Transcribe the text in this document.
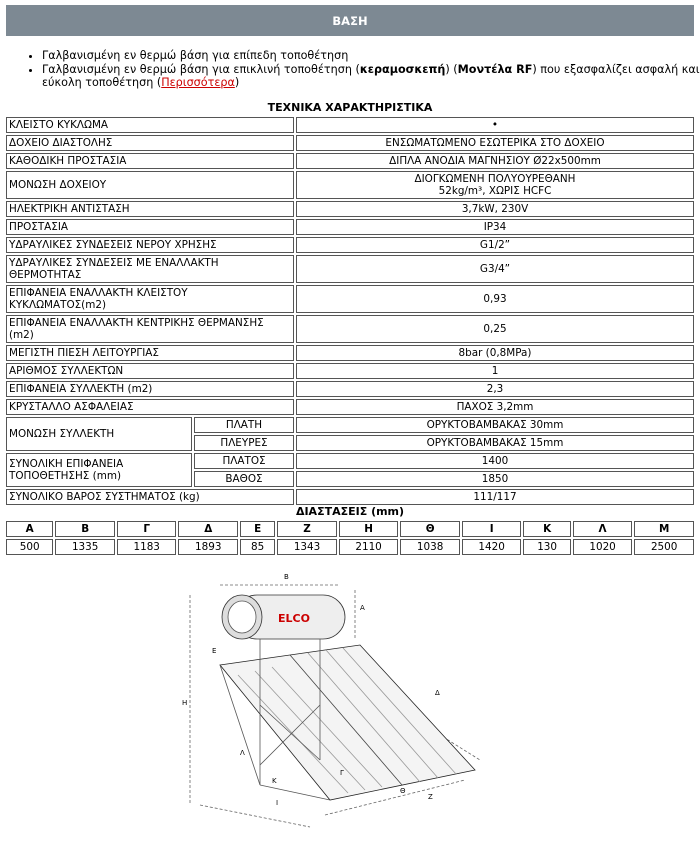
ΒΑΣΗ
• Γαλβανισμένη εν θερμώ βάση για επίπεδη τοποθέτηση
• Γαλβανισμένη εν θερμώ βάση για επικλινή τοποθέτηση (κεραμοσκεπή) (Μοντέλα RF) που εξασφαλίζει ασφαλή και εύκολη τοποθέτηση (Περισσότερα)
ΤΕΧΝΙΚΑ ΧΑΡΑΚΤΗΡΙΣΤΙΚΑ
ΚΛΕΙΣΤΟ ΚΥΚΛΩΜΑ		•
ΔΟΧΕΙΟ ΔΙΑΣΤΟΛΗΣ		ΕΝΣΩΜΑΤΩΜΕΝΟ ΕΣΩΤΕΡΙΚΑ ΣΤΟ ΔΟΧΕΙΟ
ΚΑΘΟΔΙΚΗ ΠΡΟΣΤΑΣΙΑ		ΔΙΠΛΑ ΑΝΟΔΙΑ ΜΑΓΝΗΣΙΟΥ Ø22x500mm
ΜΟΝΩΣΗ ΔΟΧΕΙΟΥ		ΔΙΟΓΚΩΜΕΝΗ ΠΟΛΥΟΥΡΕΘΑΝΗ
52kg/m³, ΧΩΡΙΣ HCFC

ΗΛΕΚΤΡΙΚΗ ΑΝΤΙΣΤΑΣΗ		3,7kW, 230V
ΠΡΟΣΤΑΣΙΑ		IP34
ΥΔΡΑΥΛΙΚΕΣ ΣΥΝΔΕΣΕΙΣ ΝΕΡΟΥ ΧΡΗΣΗΣ		G1/2”

ΥΔΡΑΥΛΙΚΕΣ ΣΥΝΔΕΣΕΙΣ ΜΕ ΕΝΑΛΛΑΚΤΗ
ΘΕΡΜΟΤΗΤΑΣ		G3/4”

ΕΠΙΦΑΝΕΙΑ ΕΝΑΛΛΑΚΤΗ ΚΛΕΙΣΤΟΥ
ΚΥΚΛΩΜΑΤΟΣ(m2)		0,93

ΕΠΙΦΑΝΕΙΑ ΕΝΑΛΛΑΚΤΗ ΚΕΝΤΡΙΚΗΣ ΘΕΡΜΑΝΣΗΣ
(m2)		0,25
ΜΕΓΙΣΤΗ ΠΙΕΣΗ ΛΕΙΤΟΥΡΓΙΑΣ		8bar (0,8MPa)
ΑΡΙΘΜΟΣ ΣΥΛΛΕΚΤΩΝ		1
ΕΠΙΦΑΝΕΙΑ ΣΥΛΛΕΚΤΗ (m2)		2,3
ΚΡΥΣΤΑΛΛΟ ΑΣΦΑΛΕΙΑΣ		ΠΑΧΟΣ 3,2mm
ΜΟΝΩΣΗ ΣΥΛΛΕΚΤΗ	ΠΛΑΤΗ	ΟΡΥΚΤΟΒΑΜΒΑΚΑΣ 30mm
	ΠΛΕΥΡΕΣ	ΟΡΥΚΤΟΒΑΜΒΑΚΑΣ 15mm

ΣΥΝΟΛΙΚΗ ΕΠΙΦΑΝΕΙΑ
ΤΟΠΟΘΕΤΗΣΗΣ (mm)	ΠΛΑΤΟΣ	1400
	ΒΑΘΟΣ	1850
ΣΥΝΟΛΙΚΟ ΒΑΡΟΣ ΣΥΣΤΗΜΑΤΟΣ (kg)		111/117
ΔΙΑΣΤΑΣΕΙΣ (mm)
Α	Β	Γ	Δ	Ε	Ζ	Η	Θ	Ι	Κ	Λ	Μ
500	1335	1183	1893	85	1343	2110	1038	1420	130	1020	2500
ELCO
Β
Α
Ε
Η
Δ
Λ
Γ
Κ
Θ
Ζ
Ι
